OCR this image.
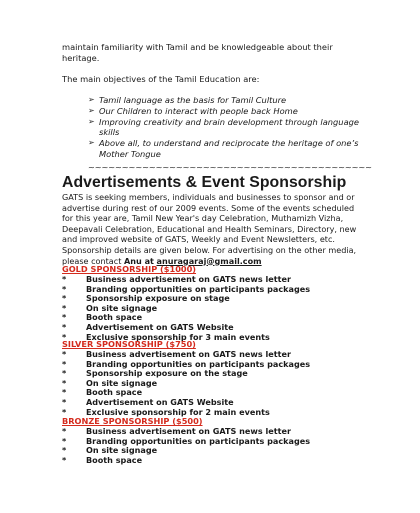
maintain familiarity with Tamil and be knowledgeable about their heritage.

The main objectives of the Tamil Education are:

➢ Tamil language as the basis for Tamil Culture
➢ Our Children to interact with people back Home
➢ Improving creativity and brain development through language skills
➢ Above all, to understand and reciprocate the heritage of one’s Mother Tongue
~~~~~~~~~~~~~~~~~~~~~~~~~~~~~~~~~~~~~~~~~~
Advertisements & Event Sponsorship

GATS is seeking members, individuals and businesses to sponsor and or advertise during rest of our 2009 events. Some of the events scheduled for this year are, Tamil New Year's day Celebration, Muthamizh Vizha, Deepavali Celebration, Educational and Health Seminars, Directory, new and improved website of GATS, Weekly and Event Newsletters, etc. Sponsorship details are given below. For advertising on the other media, please contact Anu at anuragaraj@gmail.com

GOLD SPONSORSHIP ($1000)
* Business advertisement on GATS news letter
* Branding opportunities on participants packages
* Sponsorship exposure on stage
* On site signage
* Booth space
* Advertisement on GATS Website
* Exclusive sponsorship for 3 main events
SILVER SPONSORSHIP ($750)
* Business advertisement on GATS news letter
* Branding opportunities on participants packages
* Sponsorship exposure on the stage
* On site signage
* Booth space
* Advertisement on GATS Website
* Exclusive sponsorship for 2 main events
BRONZE SPONSORSHIP ($500)
* Business advertisement on GATS news letter
* Branding opportunities on participants packages
* On site signage
* Booth space
